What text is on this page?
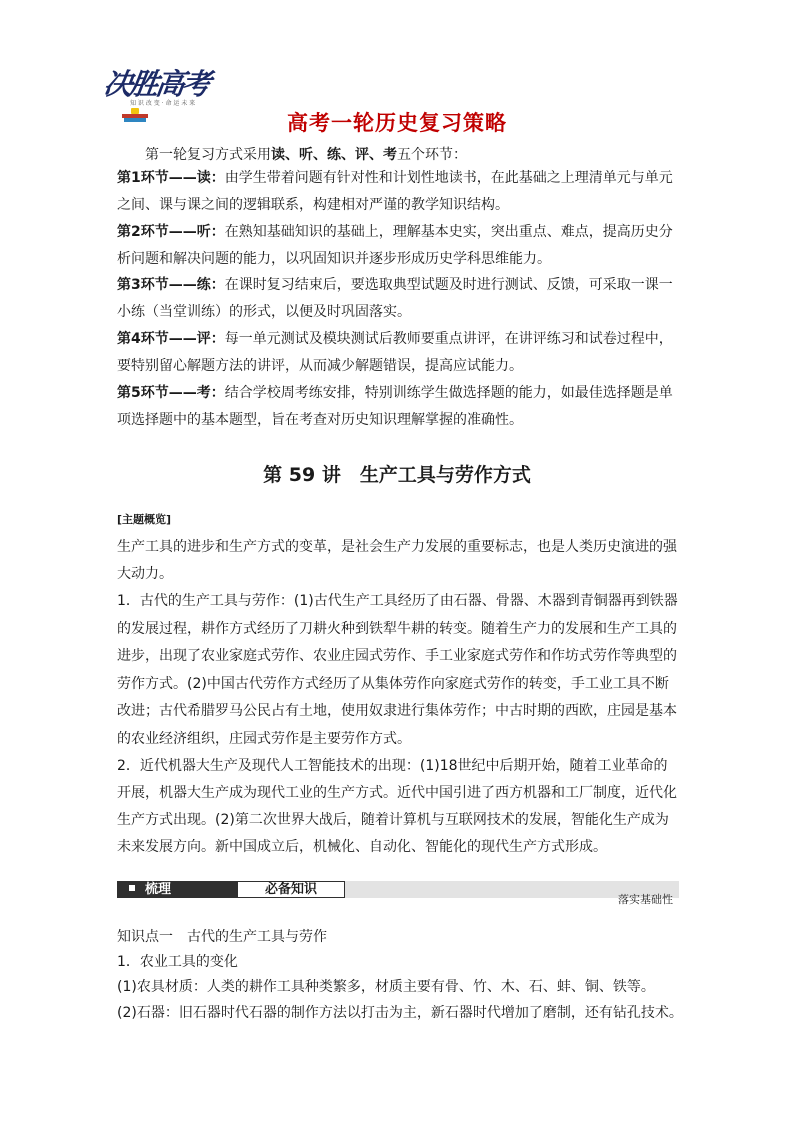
决胜高考
知 识 改 变 · 命 运 未 来
高考一轮历史复习策略
第一轮复习方式采用读、听、练、评、考五个环节：
第1环节——读：由学生带着问题有针对性和计划性地读书，在此基础之上理清单元与单元之间、课与课之间的逻辑联系，构建相对严谨的教学知识结构。
第2环节——听：在熟知基础知识的基础上，理解基本史实，突出重点、难点，提高历史分析问题和解决问题的能力，以巩固知识并逐步形成历史学科思维能力。
第3环节——练：在课时复习结束后，要选取典型试题及时进行测试、反馈，可采取一课一小练（当堂训练）的形式，以便及时巩固落实。
第4环节——评：每一单元测试及模块测试后教师要重点讲评，在讲评练习和试卷过程中，要特别留心解题方法的讲评，从而减少解题错误，提高应试能力。
第5环节——考：结合学校周考练安排，特别训练学生做选择题的能力，如最佳选择题是单项选择题中的基本题型，旨在考查对历史知识理解掌握的准确性。
第 59 讲　生产工具与劳作方式
[主题概览]
生产工具的进步和生产方式的变革，是社会生产力发展的重要标志，也是人类历史演进的强大动力。
1．古代的生产工具与劳作：(1)古代生产工具经历了由石器、骨器、木器到青铜器再到铁器的发展过程，耕作方式经历了刀耕火种到铁犁牛耕的转变。随着生产力的发展和生产工具的进步，出现了农业家庭式劳作、农业庄园式劳作、手工业家庭式劳作和作坊式劳作等典型的劳作方式。(2)中国古代劳作方式经历了从集体劳作向家庭式劳作的转变，手工业工具不断改进；古代希腊罗马公民占有土地，使用奴隶进行集体劳作；中古时期的西欧，庄园是基本的农业经济组织，庄园式劳作是主要劳作方式。
2．近代机器大生产及现代人工智能技术的出现：(1)18世纪中后期开始，随着工业革命的开展，机器大生产成为现代工业的生产方式。近代中国引进了西方机器和工厂制度，近代化生产方式出现。(2)第二次世界大战后，随着计算机与互联网技术的发展，智能化生产成为未来发展方向。新中国成立后，机械化、自动化、智能化的现代生产方式形成。
梳理	必备知识
落实基础性
知识点一　古代的生产工具与劳作
1．农业工具的变化
(1)农具材质：人类的耕作工具种类繁多，材质主要有骨、竹、木、石、蚌、铜、铁等。
(2)石器：旧石器时代石器的制作方法以打击为主，新石器时代增加了磨制，还有钻孔技术。
